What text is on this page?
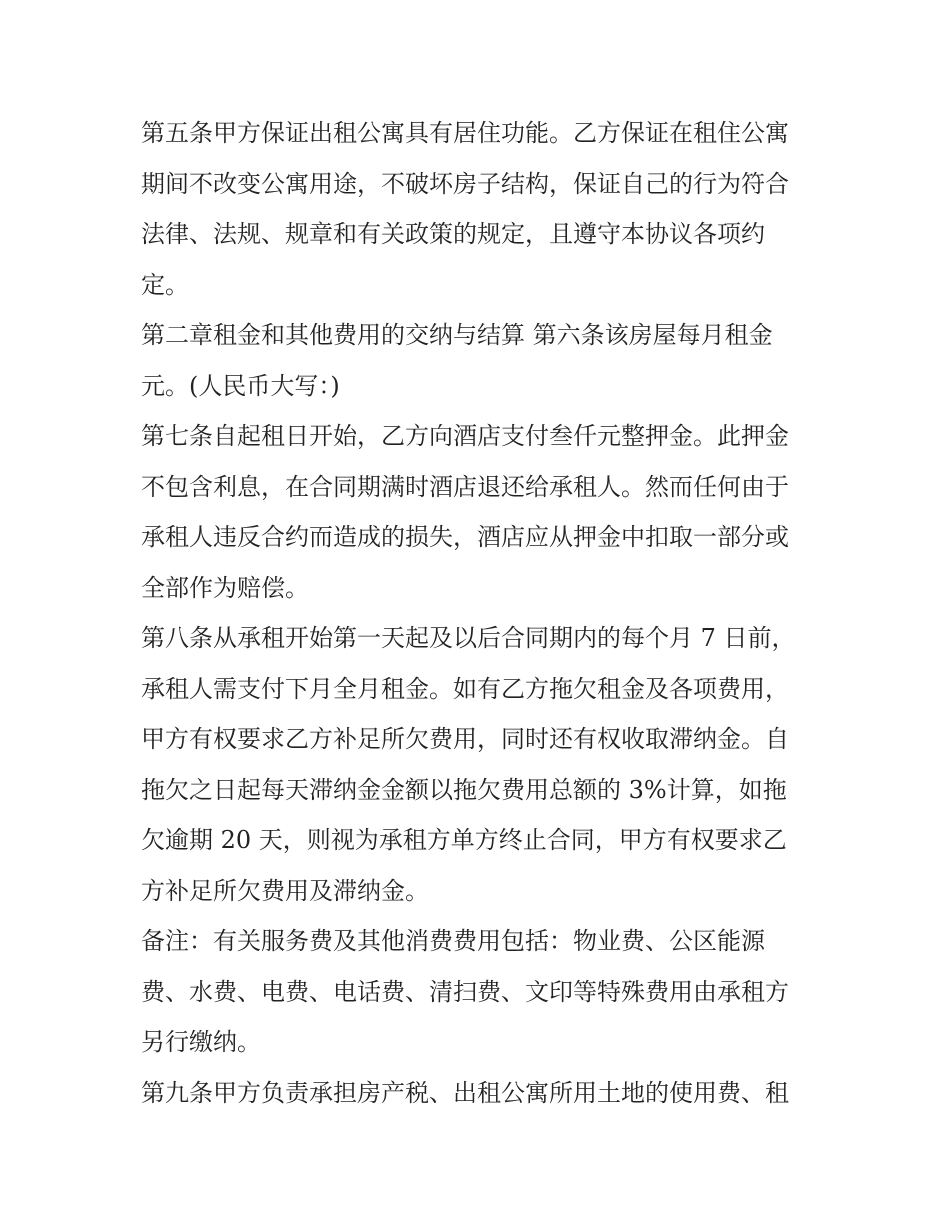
第五条甲方保证出租公寓具有居住功能。乙方保证在租住公寓
期间不改变公寓用途，不破坏房子结构，保证自己的行为符合
法律、法规、规章和有关政策的规定，且遵守本协议各项约
定。
第二章租金和其他费用的交纳与结算 第六条该房屋每月租金
元。(人民币大写：)
第七条自起租日开始，乙方向酒店支付叁仟元整押金。此押金
不包含利息，在合同期满时酒店退还给承租人。然而任何由于
承租人违反合约而造成的损失，酒店应从押金中扣取一部分或
全部作为赔偿。
第八条从承租开始第一天起及以后合同期内的每个月 7 日前，
承租人需支付下月全月租金。如有乙方拖欠租金及各项费用，
甲方有权要求乙方补足所欠费用，同时还有权收取滞纳金。自
拖欠之日起每天滞纳金金额以拖欠费用总额的 3%计算，如拖
欠逾期 20 天，则视为承租方单方终止合同，甲方有权要求乙
方补足所欠费用及滞纳金。
备注：有关服务费及其他消费费用包括：物业费、公区能源
费、水费、电费、电话费、清扫费、文印等特殊费用由承租方
另行缴纳。
第九条甲方负责承担房产税、出租公寓所用土地的使用费、租
